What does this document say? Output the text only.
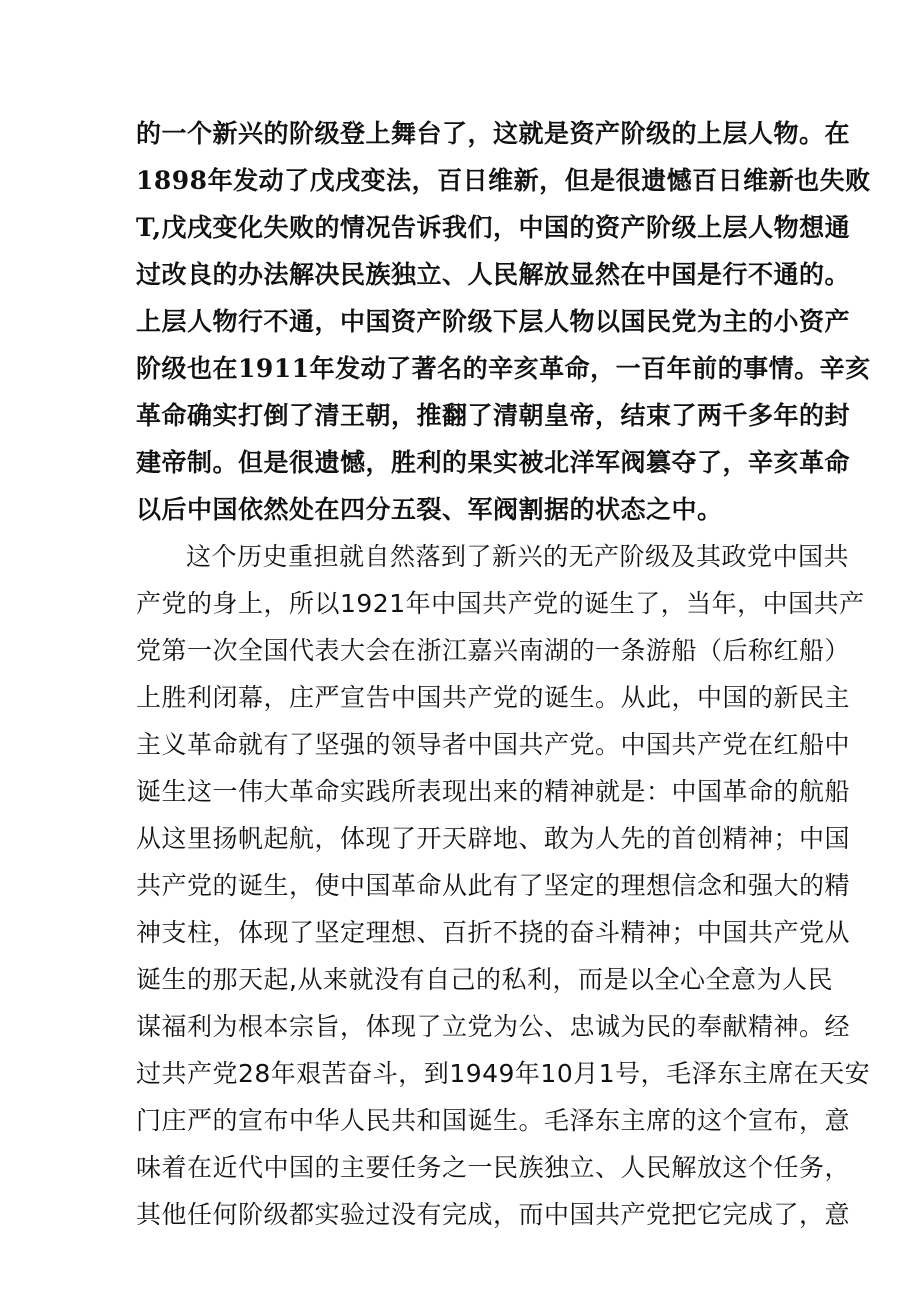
的一个新兴的阶级登上舞台了，这就是资产阶级的上层人物。在
1898年发动了戊戌变法，百日维新，但是很遗憾百日维新也失败
T,戊戌变化失败的情况告诉我们，中国的资产阶级上层人物想通
过改良的办法解决民族独立、人民解放显然在中国是行不通的。
上层人物行不通，中国资产阶级下层人物以国民党为主的小资产
阶级也在1911年发动了著名的辛亥革命，一百年前的事情。辛亥
革命确实打倒了清王朝，推翻了清朝皇帝，结束了两千多年的封
建帝制。但是很遗憾，胜利的果实被北洋军阀篡夺了，辛亥革命
以后中国依然处在四分五裂、军阀割据的状态之中。
这个历史重担就自然落到了新兴的无产阶级及其政党中国共
产党的身上，所以1921年中国共产党的诞生了，当年，中国共产
党第一次全国代表大会在浙江嘉兴南湖的一条游船（后称红船）
上胜利闭幕，庄严宣告中国共产党的诞生。从此，中国的新民主
主义革命就有了坚强的领导者中国共产党。中国共产党在红船中
诞生这一伟大革命实践所表现出来的精神就是：中国革命的航船
从这里扬帆起航，体现了开天辟地、敢为人先的首创精神；中国
共产党的诞生，使中国革命从此有了坚定的理想信念和强大的精
神支柱，体现了坚定理想、百折不挠的奋斗精神；中国共产党从
诞生的那天起,从来就没有自己的私利，而是以全心全意为人民
谋福利为根本宗旨，体现了立党为公、忠诚为民的奉献精神。经
过共产党28年艰苦奋斗，到1949年10月1号，毛泽东主席在天安
门庄严的宣布中华人民共和国诞生。毛泽东主席的这个宣布，意
味着在近代中国的主要任务之一民族独立、人民解放这个任务，
其他任何阶级都实验过没有完成，而中国共产党把它完成了，意
